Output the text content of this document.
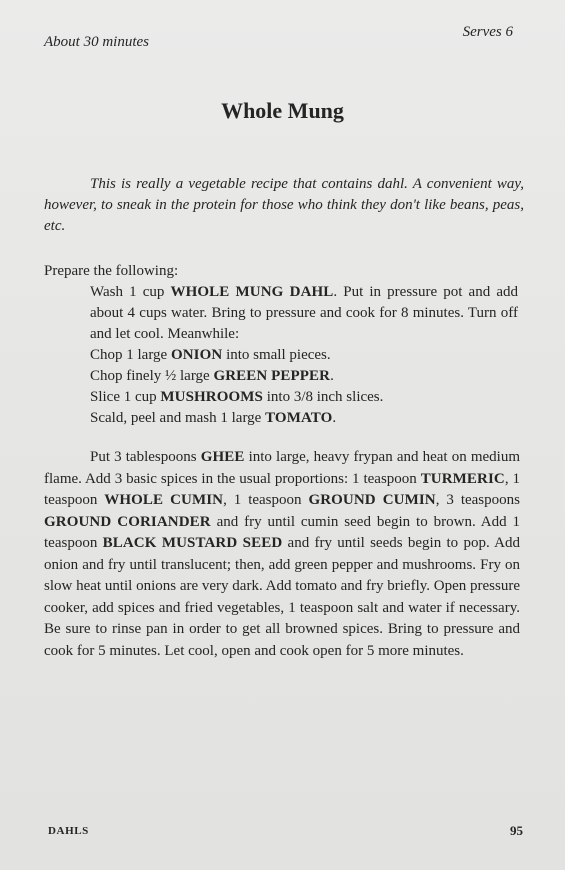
About 30 minutes
Serves 6
Whole Mung

This is really a vegetable recipe that contains dahl. A convenient way, however, to sneak in the protein for those who think they don't like beans, peas, etc.

Prepare the following:

Wash 1 cup WHOLE MUNG DAHL. Put in pressure pot and add about 4 cups water. Bring to pressure and cook for 8 minutes. Turn off and let cool. Meanwhile:

Chop 1 large ONION into small pieces.

Chop finely ½ large GREEN PEPPER.

Slice 1 cup MUSHROOMS into 3/8 inch slices.

Scald, peel and mash 1 large TOMATO.

Put 3 tablespoons GHEE into large, heavy frypan and heat on medium flame. Add 3 basic spices in the usual proportions: 1 teaspoon TURMERIC, 1 teaspoon WHOLE CUMIN, 1 teaspoon GROUND CUMIN, 3 teaspoons GROUND CORIANDER and fry until cumin seed begin to brown. Add 1 teaspoon BLACK MUSTARD SEED and fry until seeds begin to pop. Add onion and fry until translucent; then, add green pepper and mushrooms. Fry on slow heat until onions are very dark. Add tomato and fry briefly. Open pressure cooker, add spices and fried vegetables, 1 teaspoon salt and water if necessary. Be sure to rinse pan in order to get all browned spices. Bring to pressure and cook for 5 minutes. Let cool, open and cook open for 5 more minutes.

DAHLS	95
